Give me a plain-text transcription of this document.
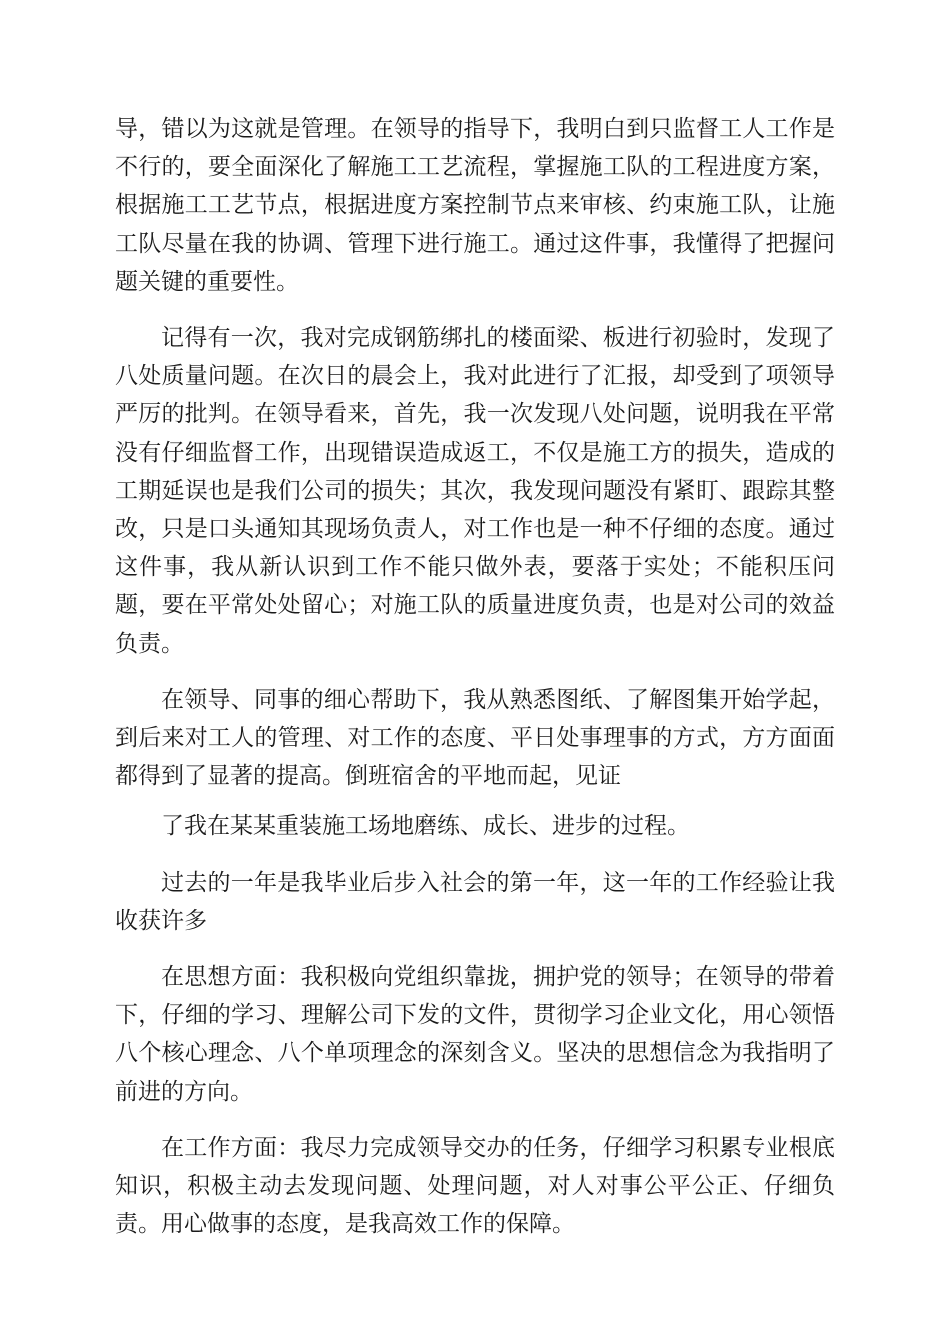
导，错以为这就是管理。在领导的指导下，我明白到只监督工人工作是不行的，要全面深化了解施工工艺流程，掌握施工队的工程进度方案，根据施工工艺节点，根据进度方案控制节点来审核、约束施工队，让施工队尽量在我的协调、管理下进行施工。通过这件事，我懂得了把握问题关键的重要性。

记得有一次，我对完成钢筋绑扎的楼面梁、板进行初验时，发现了八处质量问题。在次日的晨会上，我对此进行了汇报，却受到了项领导严厉的批判。在领导看来，首先，我一次发现八处问题，说明我在平常没有仔细监督工作，出现错误造成返工，不仅是施工方的损失，造成的工期延误也是我们公司的损失；其次，我发现问题没有紧盯、跟踪其整改，只是口头通知其现场负责人，对工作也是一种不仔细的态度。通过这件事，我从新认识到工作不能只做外表，要落于实处；不能积压问题，要在平常处处留心；对施工队的质量进度负责，也是对公司的效益负责。

在领导、同事的细心帮助下，我从熟悉图纸、了解图集开始学起，到后来对工人的管理、对工作的态度、平日处事理事的方式，方方面面都得到了显著的提高。倒班宿舍的平地而起，见证

了我在某某重装施工场地磨练、成长、进步的过程。

过去的一年是我毕业后步入社会的第一年，这一年的工作经验让我收获许多

在思想方面：我积极向党组织靠拢，拥护党的领导；在领导的带着下，仔细的学习、理解公司下发的文件，贯彻学习企业文化，用心领悟八个核心理念、八个单项理念的深刻含义。坚决的思想信念为我指明了前进的方向。

在工作方面：我尽力完成领导交办的任务，仔细学习积累专业根底知识，积极主动去发现问题、处理问题，对人对事公平公正、仔细负责。用心做事的态度，是我高效工作的保障。
